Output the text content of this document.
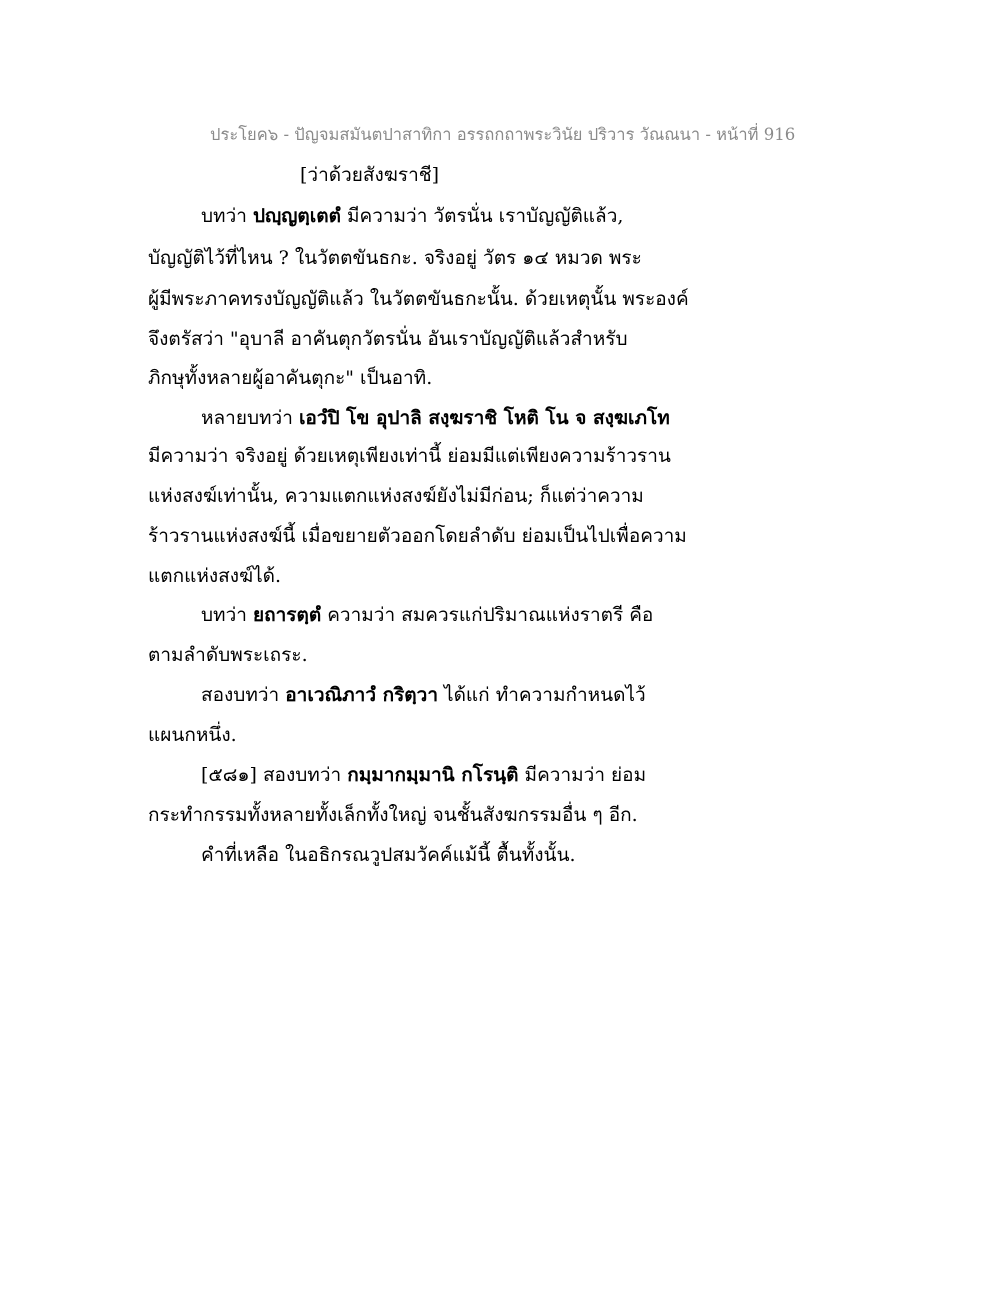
ประโยค๖ - ปัญจมสมันตปาสาทิกา อรรถกถาพระวินัย ปริวาร วัณณนา - หน้าที่ 916
[ว่าด้วยสังฆราชี]
บทว่า ปญฺญตฺเตตํ มีความว่า วัตรนั่น เราบัญญัติแล้ว,
บัญญัติไว้ที่ไหน ? ในวัตตขันธกะ. จริงอยู่ วัตร ๑๔ หมวด พระ
ผู้มีพระภาคทรงบัญญัติแล้ว ในวัตตขันธกะนั้น. ด้วยเหตุนั้น พระองค์
จึงตรัสว่า "อุบาลี อาคันตุกวัตรนั่น อันเราบัญญัติแล้วสำหรับ
ภิกษุทั้งหลายผู้อาคันตุกะ" เป็นอาทิ.
หลายบทว่า เอวํปิ โข อุปาลิ สงฺฆราชิ โหติ โน จ สงฺฆเภโท
มีความว่า จริงอยู่ ด้วยเหตุเพียงเท่านี้ ย่อมมีแต่เพียงความร้าวราน
แห่งสงฆ์เท่านั้น, ความแตกแห่งสงฆ์ยังไม่มีก่อน; ก็แต่ว่าความ
ร้าวรานแห่งสงฆ์นี้ เมื่อขยายตัวออกโดยลำดับ ย่อมเป็นไปเพื่อความ
แตกแห่งสงฆ์ได้.
บทว่า ยถารตฺตํ ความว่า สมควรแก่ปริมาณแห่งราตรี คือ
ตามลำดับพระเถระ.
สองบทว่า อาเวณิภาวํ กริตฺวา ได้แก่ ทำความกำหนดไว้
แผนกหนึ่ง.
[๕๘๑] สองบทว่า กมฺมากมฺมานิ กโรนฺติ มีความว่า ย่อม
กระทำกรรมทั้งหลายทั้งเล็กทั้งใหญ่ จนชั้นสังฆกรรมอื่น ๆ อีก.
คำที่เหลือ ในอธิกรณวูปสมวัคค์แม้นี้ ตื้นทั้งนั้น.
